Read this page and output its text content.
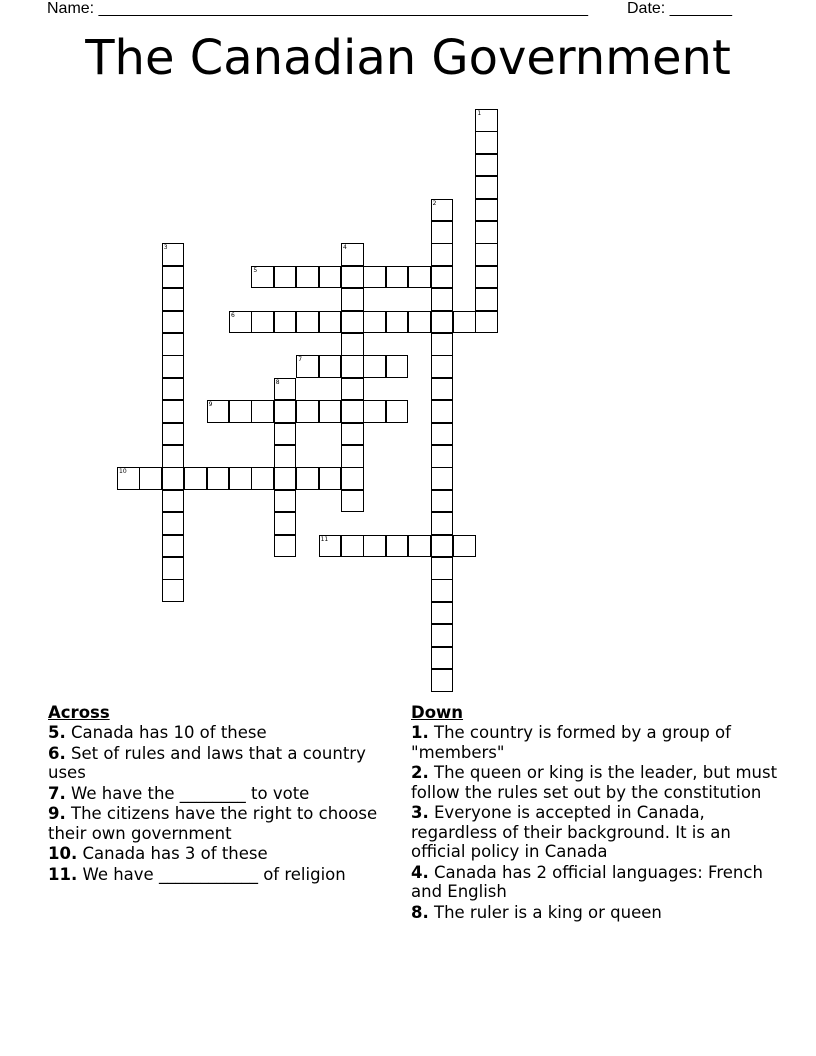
Name: _______________________________________________________ Date: _______
The Canadian Government
1
2
3	4
5
6
7
8
9
10
11
Across
5. Canada has 10 of these
6. Set of rules and laws that a country uses
7. We have the ________ to vote
9. The citizens have the right to choose their own government
10. Canada has 3 of these
11. We have ____________ of religion
Down
1. The country is formed by a group of "members"
2. The queen or king is the leader, but must follow the rules set out by the constitution
3. Everyone is accepted in Canada, regardless of their background. It is an official policy in Canada
4. Canada has 2 official languages: French and English
8. The ruler is a king or queen
